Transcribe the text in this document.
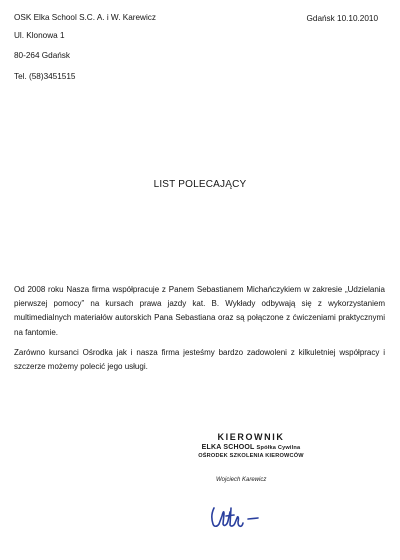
OSK Elka School S.C. A. i W. Karewicz
Ul. Klonowa 1
80-264 Gdańsk
Tel. (58)3451515
Gdańsk 10.10.2010
LIST POLECAJĄCY

Od 2008 roku Nasza firma współpracuje z Panem Sebastianem Michańczykiem w zakresie „Udzielania pierwszej pomocy” na kursach prawa jazdy kat. B. Wykłady odbywają się z wykorzystaniem multimedialnych materiałów autorskich Pana Sebastiana oraz są połączone z ćwiczeniami praktycznymi na fantomie.

Zarówno kursanci Ośrodka jak i nasza firma jesteśmy bardzo zadowoleni z kilkuletniej współpracy i szczerze możemy polecić jego usługi.

KIEROWNIK
ELKA SCHOOL Spółka Cywilna
OŚRODEK SZKOLENIA KIEROWCÓW
Wojciech Karewicz
